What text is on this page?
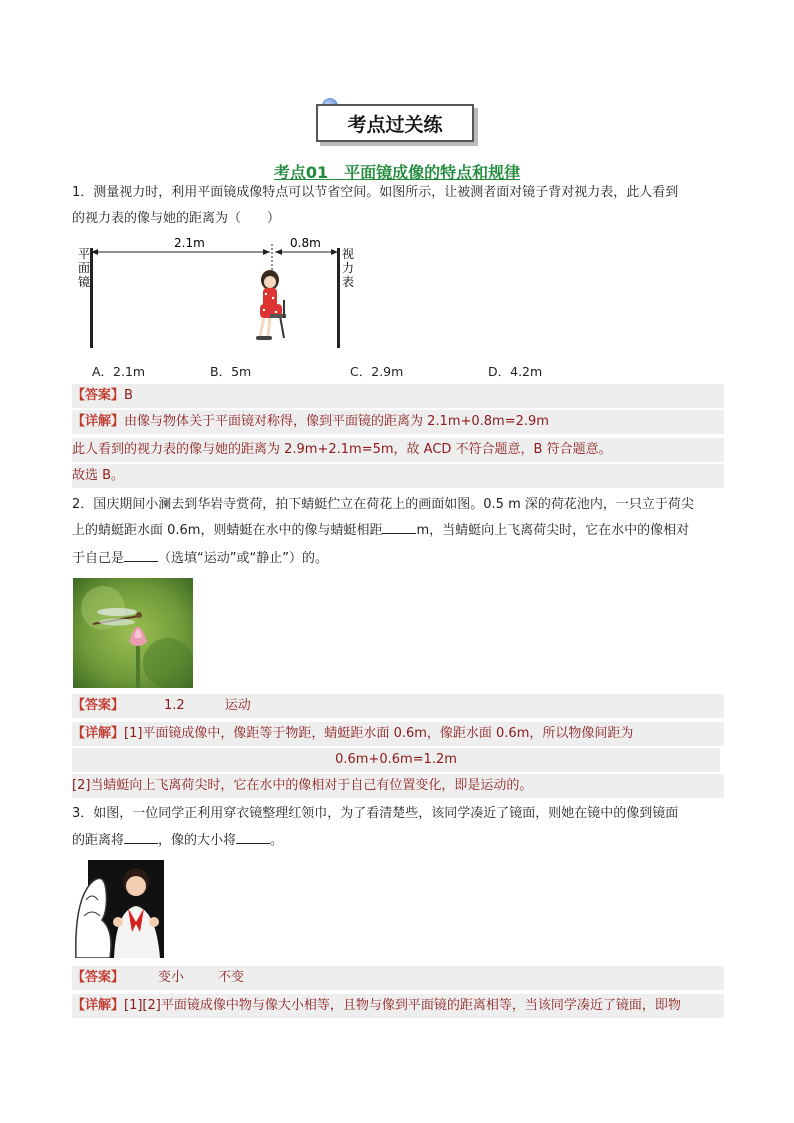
考点过关练
考点01　平面镜成像的特点和规律
1．测量视力时，利用平面镜成像特点可以节省空间。如图所示，让被测者面对镜子背对视力表，此人看到
的视力表的像与她的距离为（　　）
平
面
镜
视
力
表
2.1m	0.8m
A．2.1m	B．5m	C．2.9m	D．4.2m
【答案】B
【详解】由像与物体关于平面镜对称得，像到平面镜的距离为 2.1m+0.8m=2.9m
此人看到的视力表的像与她的距离为 2.9m+2.1m=5m，故 ACD 不符合题意，B 符合题意。
故选 B。
2．国庆期间小澜去到华岩寺赏荷，拍下蜻蜓伫立在荷花上的画面如图。0.5 m 深的荷花池内，一只立于荷尖
上的蜻蜓距水面 0.6m，则蜻蜓在水中的像与蜻蜓相距	m，当蜻蜓向上飞离荷尖时，它在水中的像相对
于自己是	（选填“运动”或“静止”）的。
【答案】	1.2	运动
【详解】[1]平面镜成像中，像距等于物距，蜻蜓距水面 0.6m，像距水面 0.6m，所以物像间距为
0.6m+0.6m=1.2m
[2]当蜻蜓向上飞离荷尖时，它在水中的像相对于自己有位置变化，即是运动的。
3．如图，一位同学正利用穿衣镜整理红领巾，为了看清楚些，该同学凑近了镜面，则她在镜中的像到镜面
的距离将	，像的大小将	。
【答案】	变小	不变
【详解】[1][2]平面镜成像中物与像大小相等，且物与像到平面镜的距离相等，当该同学凑近了镜面，即物
